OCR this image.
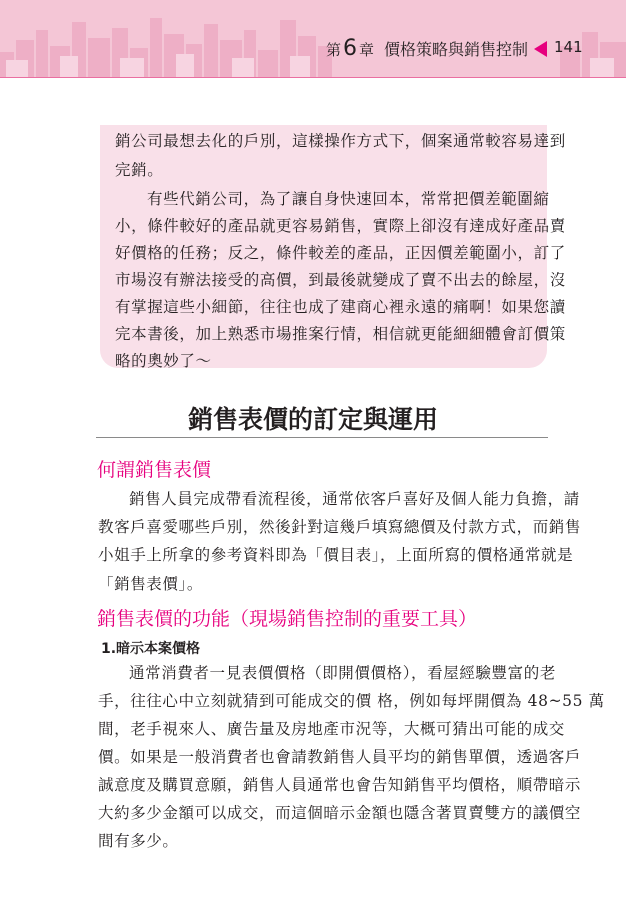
第 6 章 價格策略與銷售控制 141
銷公司最想去化的戶別，這樣操作方式下，個案通常較容易達到
完銷。
有些代銷公司，為了讓自身快速回本，常常把價差範圍縮
小，條件較好的產品就更容易銷售，實際上卻沒有達成好產品賣
好價格的任務；反之，條件較差的產品，正因價差範圍小，訂了
市場沒有辦法接受的高價，到最後就變成了賣不出去的餘屋，沒
有掌握這些小細節，往往也成了建商心裡永遠的痛啊！如果您讀
完本書後，加上熟悉市場推案行情，相信就更能細細體會訂價策
略的奧妙了～
銷售表價的訂定與運用
何謂銷售表價
銷售人員完成帶看流程後，通常依客戶喜好及個人能力負擔，請
教客戶喜愛哪些戶別，然後針對這幾戶填寫總價及付款方式，而銷售
小姐手上所拿的參考資料即為「價目表」，上面所寫的價格通常就是
「銷售表價」。
銷售表價的功能（現場銷售控制的重要工具）
1.暗示本案價格
通常消費者一見表價價格（即開價價格），看屋經驗豐富的老
手，往往心中立刻就猜到可能成交的價 格，例如每坪開價為 48~55 萬
間，老手視來人、廣告量及房地產市況等，大概可猜出可能的成交
價。如果是一般消費者也會請教銷售人員平均的銷售單價，透過客戶
誠意度及購買意願，銷售人員通常也會告知銷售平均價格，順帶暗示
大約多少金額可以成交，而這個暗示金額也隱含著買賣雙方的議價空
間有多少。
